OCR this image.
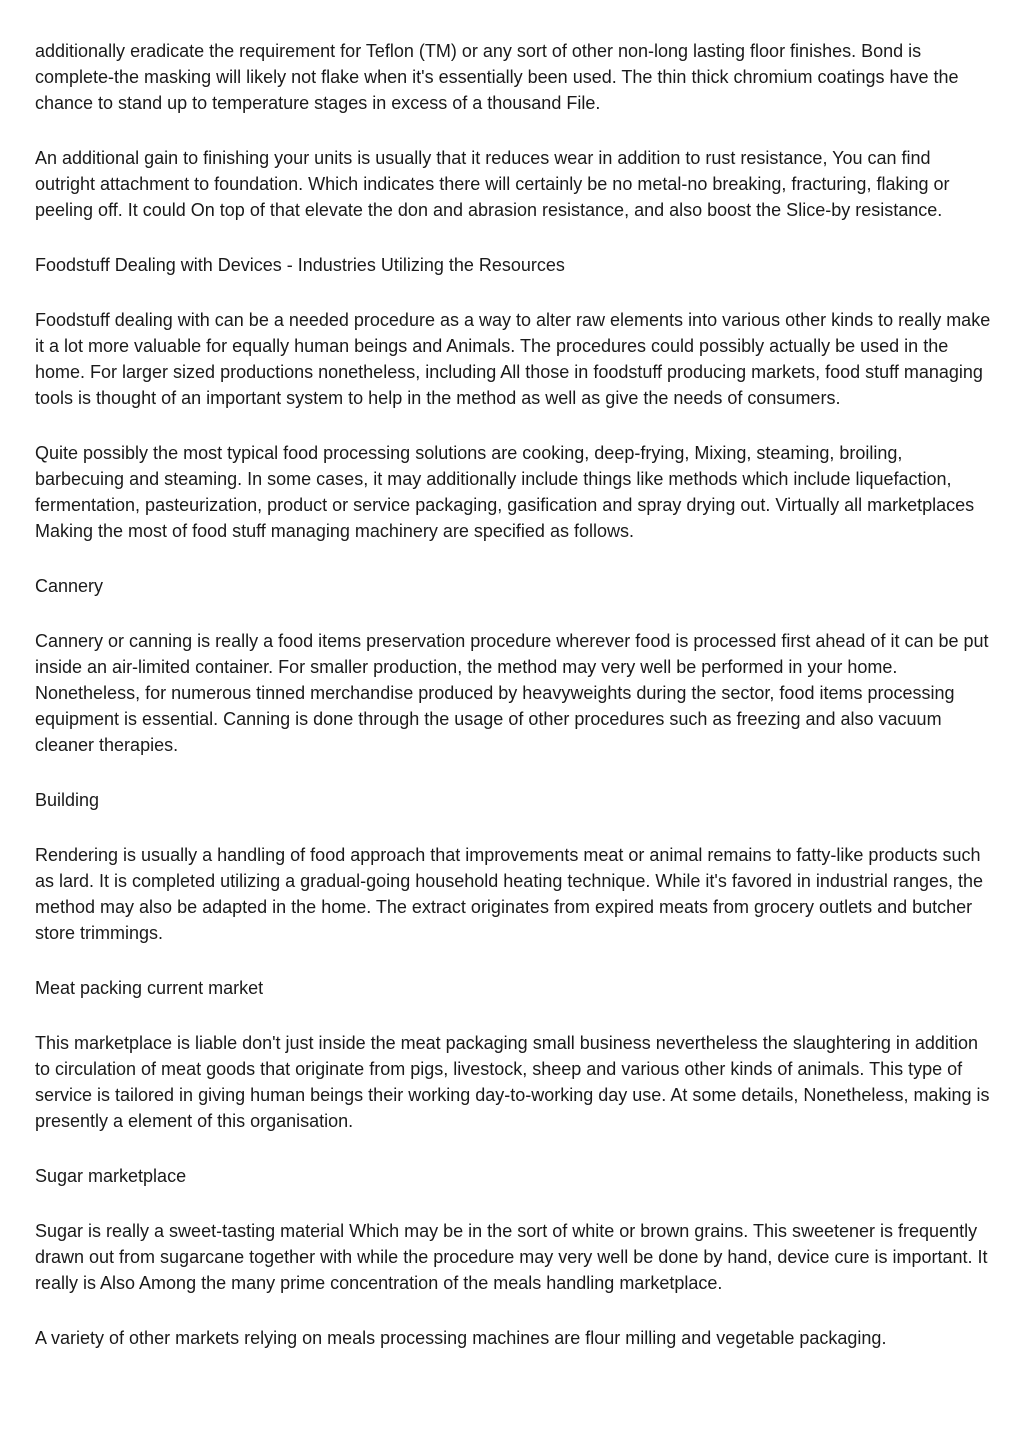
additionally eradicate the requirement for Teflon (TM) or any sort of other non-long lasting floor finishes. Bond is complete-the masking will likely not flake when it's essentially been used. The thin thick chromium coatings have the chance to stand up to temperature stages in excess of a thousand File.

An additional gain to finishing your units is usually that it reduces wear in addition to rust resistance, You can find outright attachment to foundation. Which indicates there will certainly be no metal-no breaking, fracturing, flaking or peeling off. It could On top of that elevate the don and abrasion resistance, and also boost the Slice-by resistance.

Foodstuff Dealing with Devices - Industries Utilizing the Resources

Foodstuff dealing with can be a needed procedure as a way to alter raw elements into various other kinds to really make it a lot more valuable for equally human beings and Animals. The procedures could possibly actually be used in the home. For larger sized productions nonetheless, including All those in foodstuff producing markets, food stuff managing tools is thought of an important system to help in the method as well as give the needs of consumers.

Quite possibly the most typical food processing solutions are cooking, deep-frying, Mixing, steaming, broiling, barbecuing and steaming. In some cases, it may additionally include things like methods which include liquefaction, fermentation, pasteurization, product or service packaging, gasification and spray drying out. Virtually all marketplaces Making the most of food stuff managing machinery are specified as follows.

Cannery

Cannery or canning is really a food items preservation procedure wherever food is processed first ahead of it can be put inside an air-limited container. For smaller production, the method may very well be performed in your home. Nonetheless, for numerous tinned merchandise produced by heavyweights during the sector, food items processing equipment is essential. Canning is done through the usage of other procedures such as freezing and also vacuum cleaner therapies.

Building

Rendering is usually a handling of food approach that improvements meat or animal remains to fatty-like products such as lard. It is completed utilizing a gradual-going household heating technique. While it's favored in industrial ranges, the method may also be adapted in the home. The extract originates from expired meats from grocery outlets and butcher store trimmings.

Meat packing current market

This marketplace is liable don't just inside the meat packaging small business nevertheless the slaughtering in addition to circulation of meat goods that originate from pigs, livestock, sheep and various other kinds of animals. This type of service is tailored in giving human beings their working day-to-working day use. At some details, Nonetheless, making is presently a element of this organisation.

Sugar marketplace

Sugar is really a sweet-tasting material Which may be in the sort of white or brown grains. This sweetener is frequently drawn out from sugarcane together with while the procedure may very well be done by hand, device cure is important. It really is Also Among the many prime concentration of the meals handling marketplace.

A variety of other markets relying on meals processing machines are flour milling and vegetable packaging.
